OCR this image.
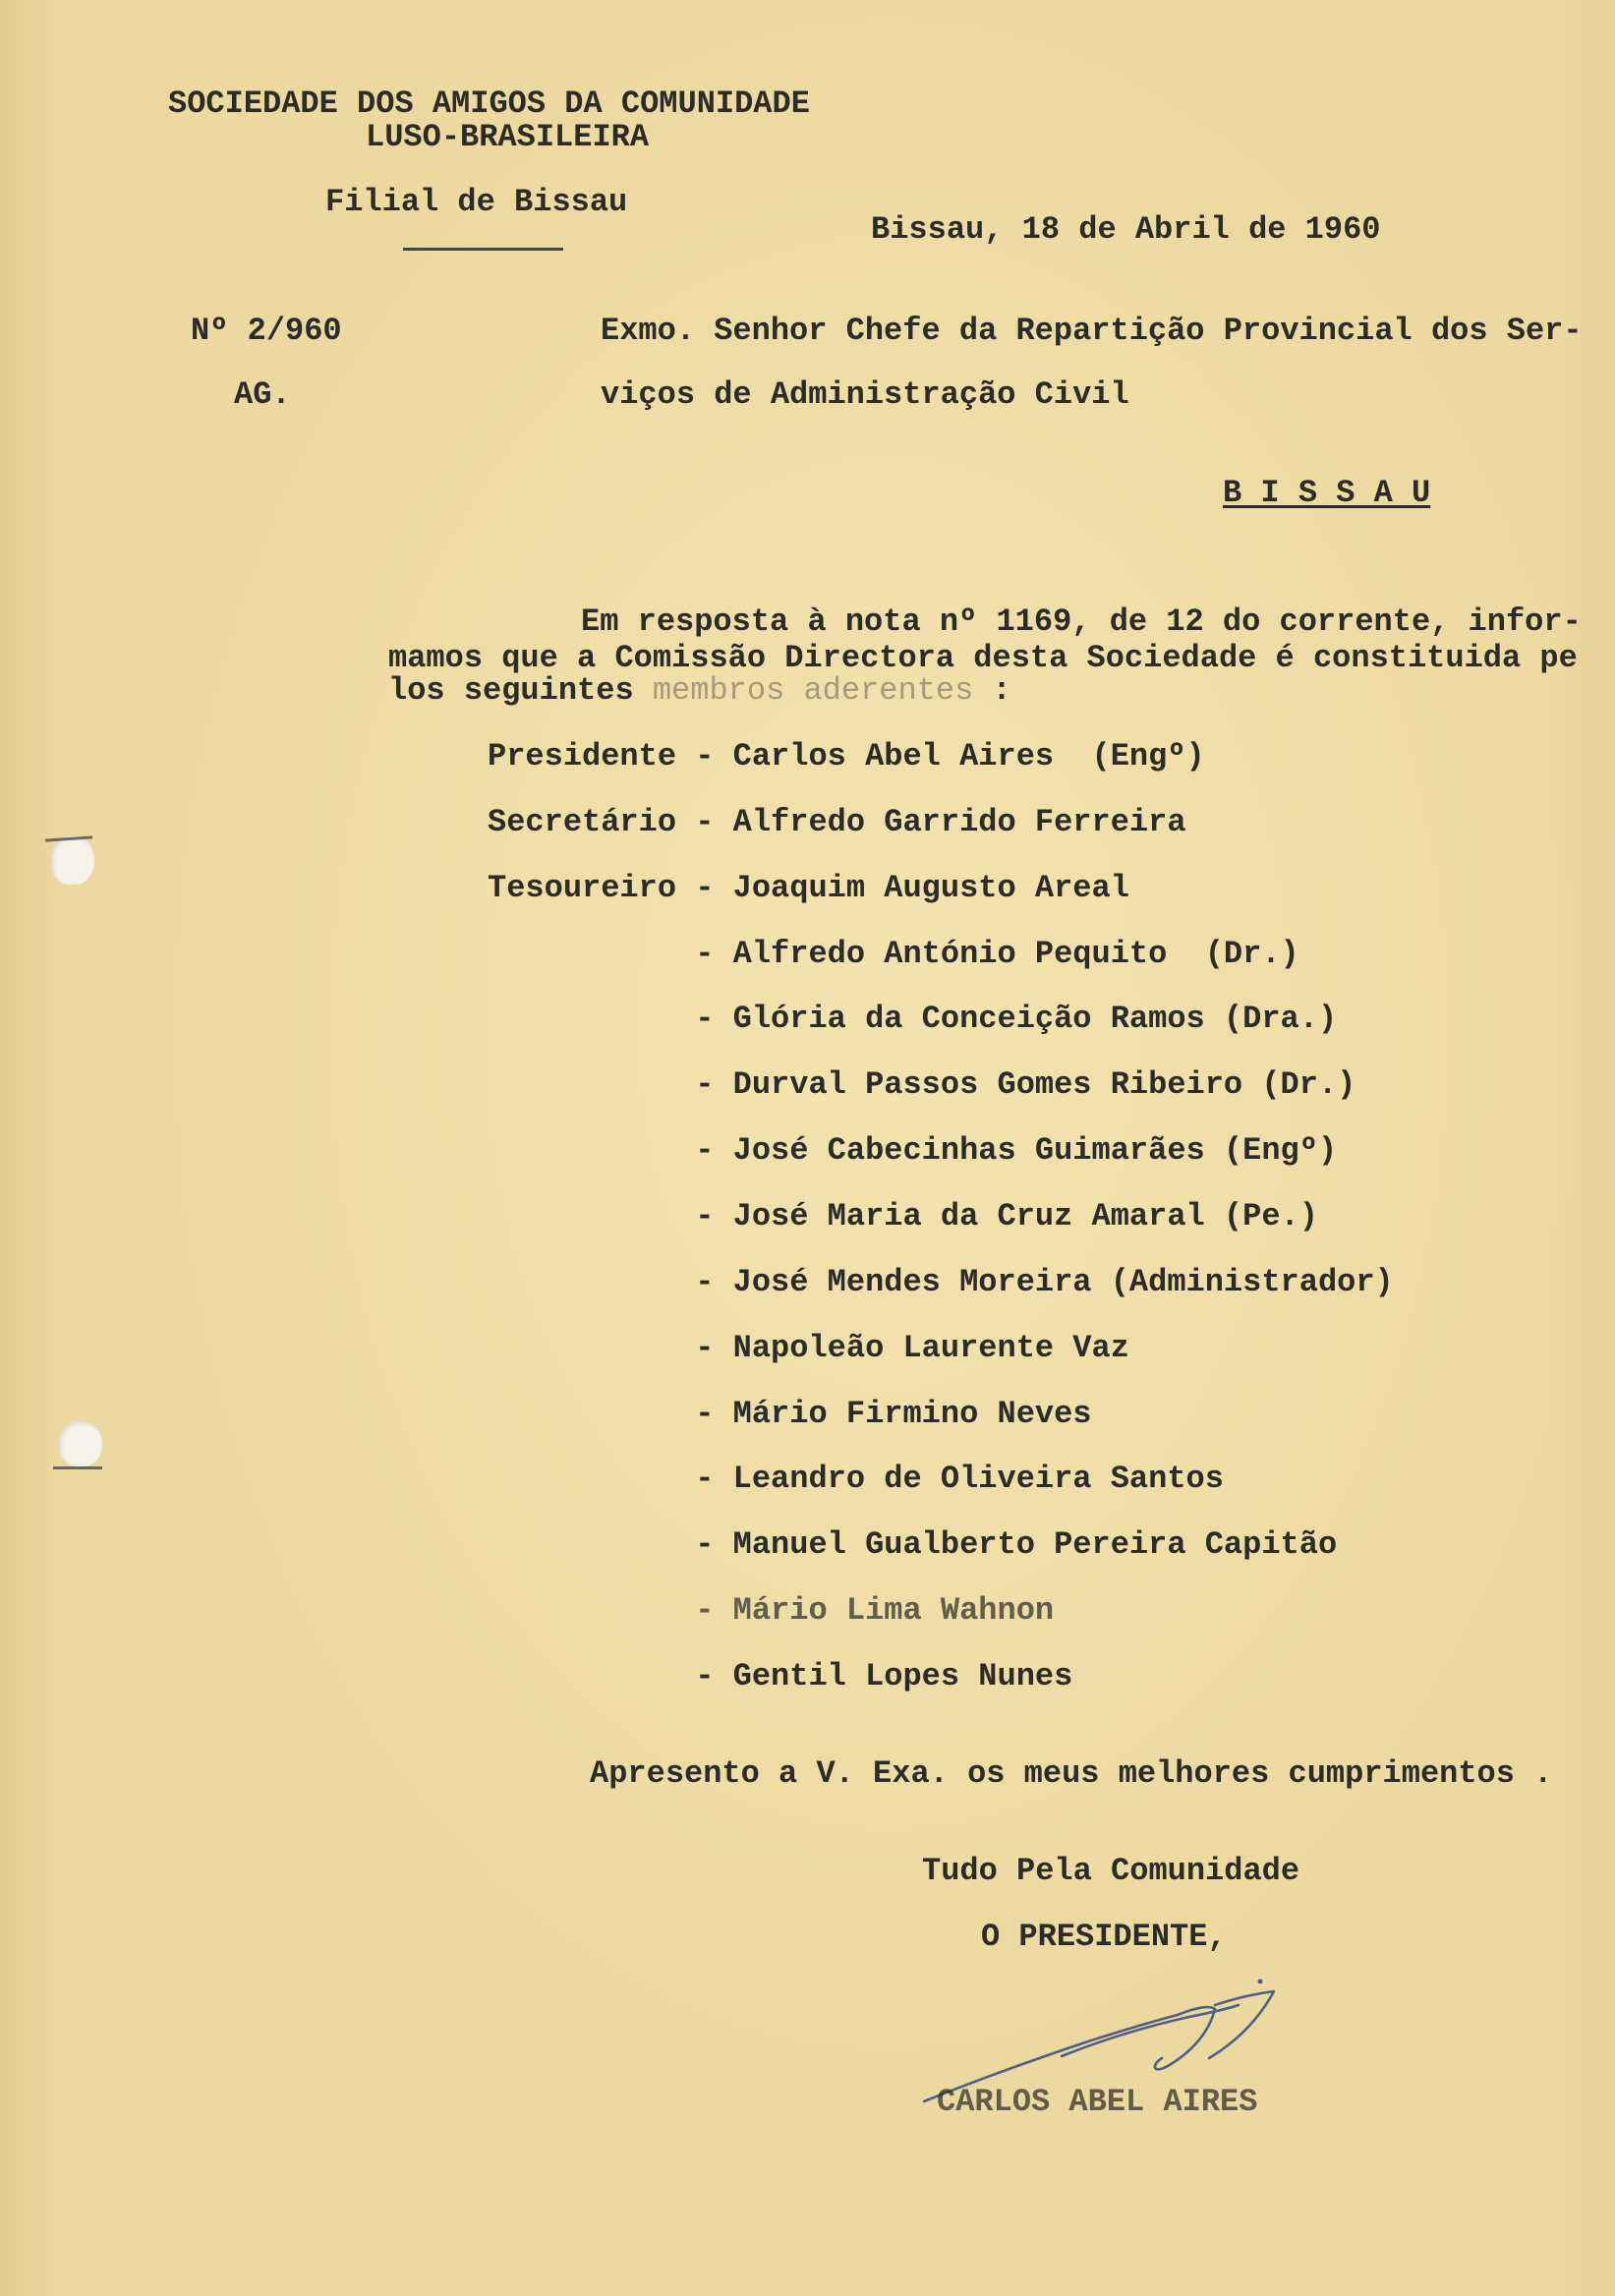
SOCIEDADE DOS AMIGOS DA COMUNIDADE
LUSO-BRASILEIRA
Filial de Bissau
Bissau, 18 de Abril de 1960
Nº 2/960
AG.
Exmo. Senhor Chefe da Repartição Provincial dos Ser-
viços de Administração Civil
B I S S A U
Em resposta à nota nº 1169, de 12 do corrente, infor-
mamos que a Comissão Directora desta Sociedade é constituida pe
los seguintes membros aderentes :
Presidente - Carlos Abel Aires  (Engº)
Secretário - Alfredo Garrido Ferreira
Tesoureiro - Joaquim Augusto Areal
- Alfredo António Pequito  (Dr.)
- Glória da Conceição Ramos (Dra.)
- Durval Passos Gomes Ribeiro (Dr.)
- José Cabecinhas Guimarães (Engº)
- José Maria da Cruz Amaral (Pe.)
- José Mendes Moreira (Administrador)
- Napoleão Laurente Vaz
- Mário Firmino Neves
- Leandro de Oliveira Santos
- Manuel Gualberto Pereira Capitão
- Mário Lima Wahnon
- Gentil Lopes Nunes
Apresento a V. Exa. os meus melhores cumprimentos .
Tudo Pela Comunidade
O PRESIDENTE,
CARLOS ABEL AIRES
